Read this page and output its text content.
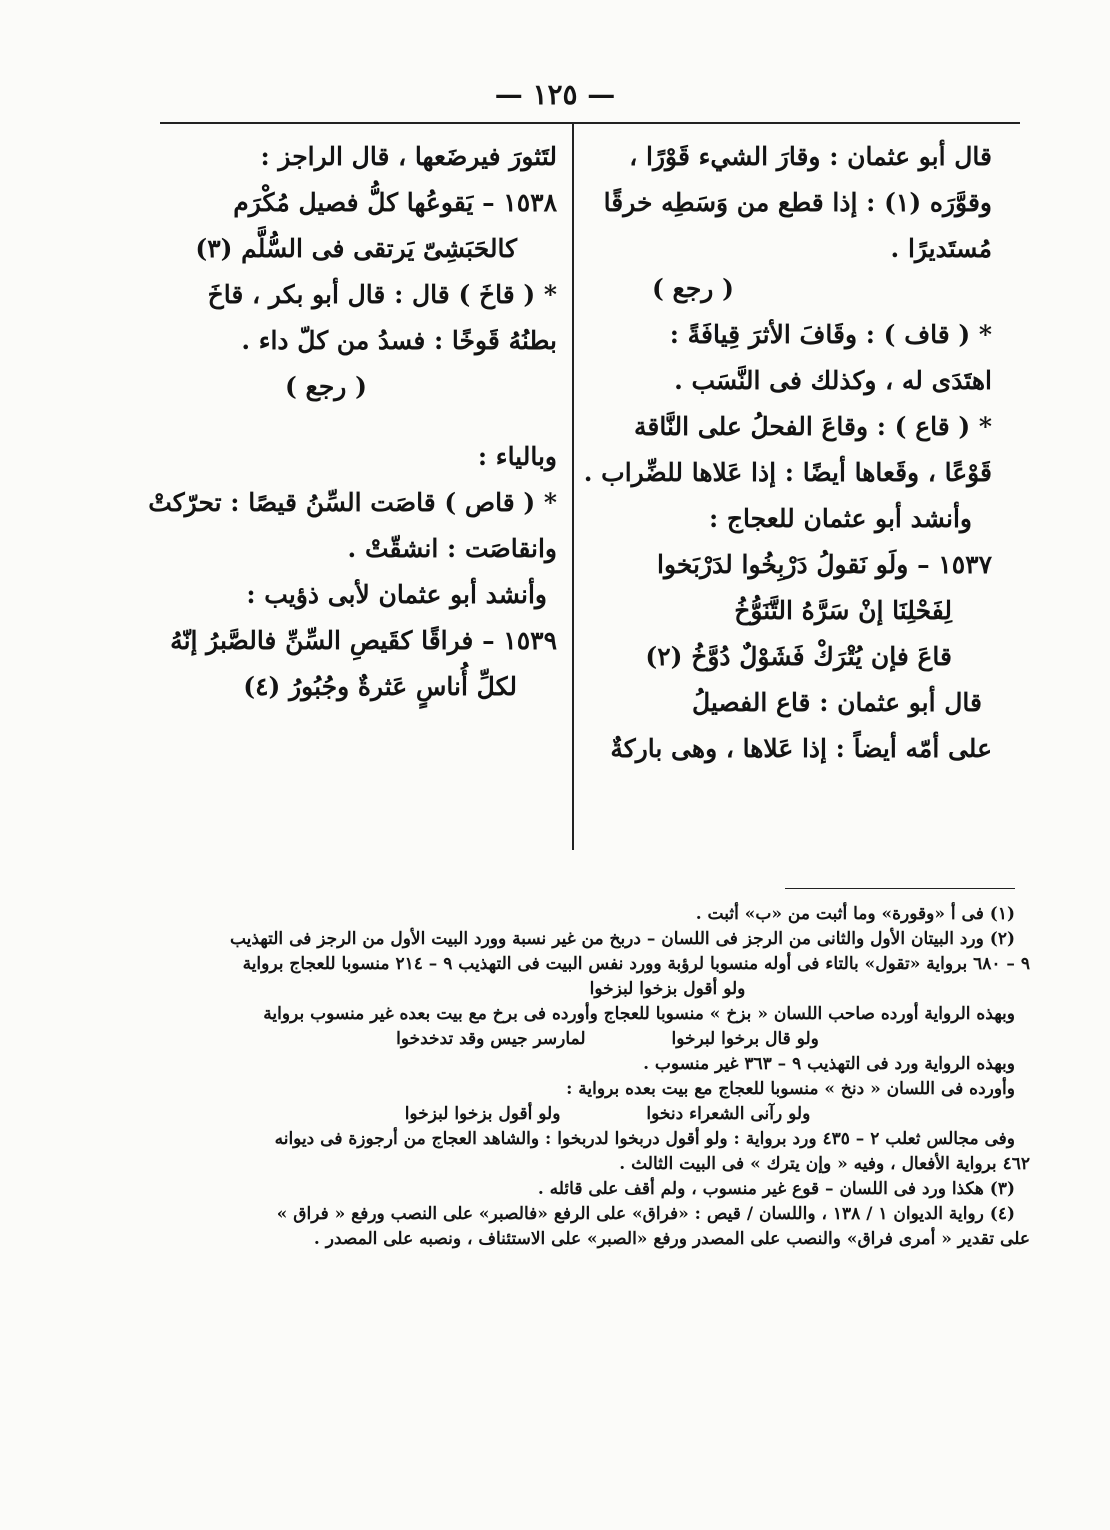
— ١٢٥ —
قال أبو عثمان : وقارَ الشيء قَوْرًا ،
وقوَّرَه (١) : إذا قطع من وَسَطِه خرقًا
مُستَديرًا .
( رجع )
* ( قاف ) : وقَافَ الأثرَ قِيافَةً :
اهتَدَى له ، وكذلك فى النَّسَب .
* ( قاع ) : وقاعَ الفحلُ على النَّاقة
قَوْعًا ، وقَعاها أيضًا : إذا عَلاها للضِّراب .
وأنشد أبو عثمان للعجاج :
١٥٣٧ – ولَو نَقولُ دَرْبِخُوا لدَرْبَخوا
لِفَحْلِنَا إنْ سَرَّهُ التَّنَوُّخُ
قاعَ فإن يُتْرَكْ فَشَوْلٌ دُوَّخُ (٢)
قال أبو عثمان : قاع الفصيلُ
على أمّه أيضاً : إذا عَلاها ، وهى باركةٌ
لتَثورَ فيرضَعها ، قال الراجز :
١٥٣٨ – يَقوعُها كلُّ فصيل مُكْرَم
كالحَبَشِىّ يَرتقى فى السُّلَّم (٣)
* ( قاخَ ) قال : قال أبو بكر ، قاخَ
بطنُهُ قَوخًا : فسدُ من كلّ داء .
( رجع )
وبالياء :
* ( قاص ) قاصَت السِّنُ قيصًا : تحرّكتْ
وانقاصَت : انشقّتْ .
وأنشد أبو عثمان لأبى ذؤيب :
١٥٣٩ – فراقًا كقَيصِ السِّنِّ فالصَّبرُ إنّهُ
لكلِّ أُناسٍ عَثرةٌ وجُبُورُ (٤)
(١) فى أ «وقورة» وما أثبت من «ب» أثبت .
(٢) ورد البيتان الأول والثانى من الرجز فى اللسان – دربخ من غير نسبة وورد البيت الأول من الرجز فى التهذيب
٩ – ٦٨٠ برواية «تقول» بالتاء فى أوله منسوبا لرؤبة وورد نفس البيت فى التهذيب ٩ – ٢١٤ منسوبا للعجاج برواية
ولو أقول بزخوا لبزخوا
وبهذه الرواية أورده صاحب اللسان « بزخ » منسوبا للعجاج وأورده فى برخ مع بيت بعده غير منسوب برواية
ولو قال برخوا لبرخوا لمارسر جيس وقد تدخدخوا
وبهذه الرواية ورد فى التهذيب ٩ – ٣٦٣ غير منسوب .
وأورده فى اللسان « دنخ » منسوبا للعجاج مع بيت بعده برواية :
ولو رآنى الشعراء دنخوا ولو أقول بزخوا لبزخوا
وفى مجالس ثعلب ٢ – ٤٣٥ ورد برواية : ولو أقول دربخوا لدربخوا : والشاهد العجاج من أرجوزة فى ديوانه
٤٦٢ برواية الأفعال ، وفيه « وإن يترك » فى البيت الثالث .
(٣) هكذا ورد فى اللسان – قوع غير منسوب ، ولم أقف على قائله .
(٤) رواية الديوان ١ / ١٣٨ ، واللسان / قيص : «فراق» على الرفع «فالصبر» على النصب ورفع « فراق »
على تقدير « أمرى فراق» والنصب على المصدر ورفع «الصبر» على الاستئناف ، ونصبه على المصدر .
